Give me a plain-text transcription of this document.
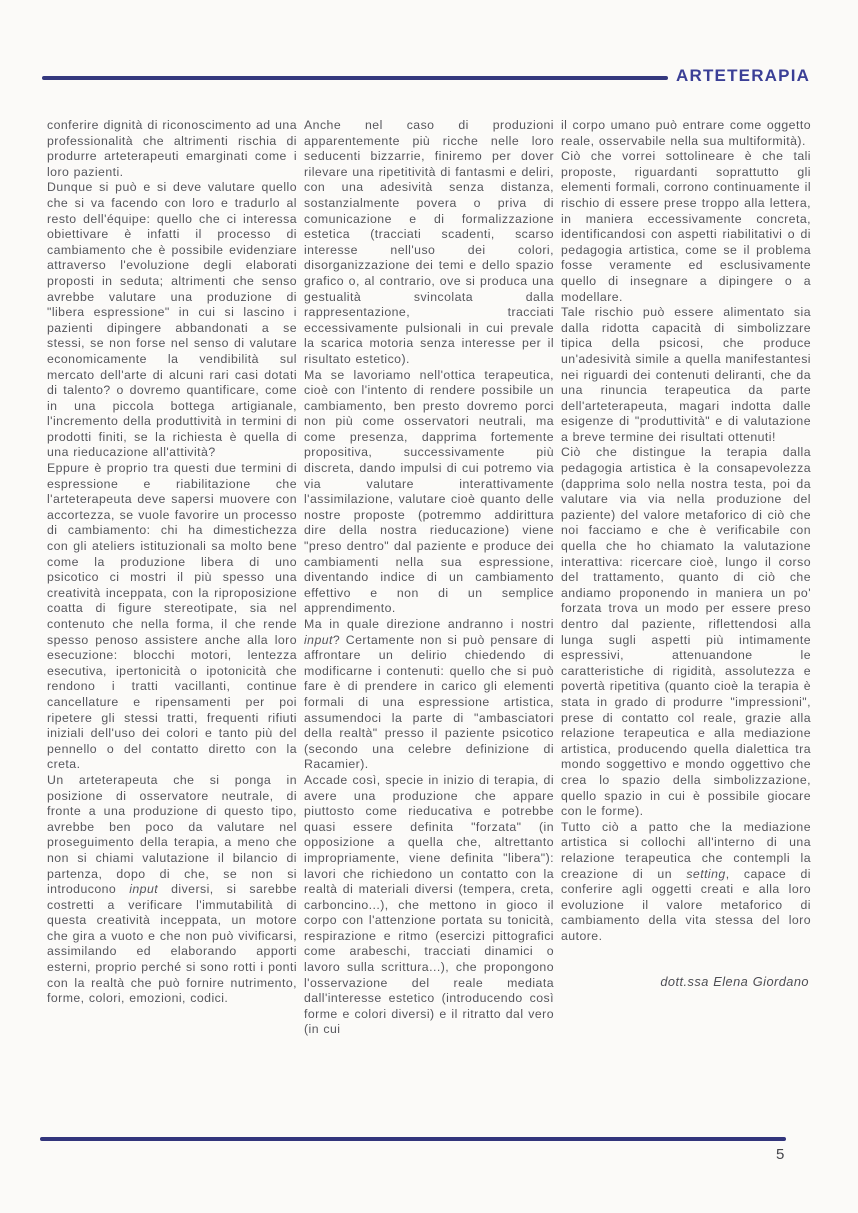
ARTETERAPIA

conferire dignità di riconoscimento ad una professionalità che altrimenti rischia di produrre arteterapeuti emarginati come i loro pazienti.

Dunque si può e si deve valutare quello che si va facendo con loro e tradurlo al resto dell'équipe: quello che ci interessa obiettivare è infatti il processo di cambiamento che è possibile evidenziare attraverso l'evoluzione degli elaborati proposti in seduta; altrimenti che senso avrebbe valutare una produzione di "libera espressione" in cui si lascino i pazienti dipingere abbandonati a se stessi, se non forse nel senso di valutare economicamente la vendibilità sul mercato dell'arte di alcuni rari casi dotati di talento? o dovremo quantificare, come in una piccola bottega artigianale, l'incremento della produttività in termini di prodotti finiti, se la richiesta è quella di una rieducazione all'attività?

Eppure è proprio tra questi due termini di espressione e riabilitazione che l'arteterapeuta deve sapersi muovere con accortezza, se vuole favorire un processo di cambiamento: chi ha dimestichezza con gli ateliers istituzionali sa molto bene come la produzione libera di uno psicotico ci mostri il più spesso una creatività inceppata, con la riproposizione coatta di figure stereotipate, sia nel contenuto che nella forma, il che rende spesso penoso assistere anche alla loro esecuzione: blocchi motori, lentezza esecutiva, ipertonicità o ipotonicità che rendono i tratti vacillanti, continue cancellature e ripensamenti per poi ripetere gli stessi tratti, frequenti rifiuti iniziali dell'uso dei colori e tanto più del pennello o del contatto diretto con la creta.

Un arteterapeuta che si ponga in posizione di osservatore neutrale, di fronte a una produzione di questo tipo, avrebbe ben poco da valutare nel proseguimento della terapia, a meno che non si chiami valutazione il bilancio di partenza, dopo di che, se non si introducono input diversi, si sarebbe costretti a verificare l'immutabilità di questa creatività inceppata, un motore che gira a vuoto e che non può vivificarsi, assimilando ed elaborando apporti esterni, proprio perché si sono rotti i ponti con la realtà che può fornire nutrimento, forme, colori, emozioni, codici.

Anche nel caso di produzioni apparentemente più ricche nelle loro seducenti bizzarrie, finiremo per dover rilevare una ripetitività di fantasmi e deliri, con una adesività senza distanza, sostanzialmente povera o priva di comunicazione e di formalizzazione estetica (tracciati scadenti, scarso interesse nell'uso dei colori, disorganizzazione dei temi e dello spazio grafico o, al contrario, ove si produca una gestualità svincolata dalla rappresentazione, tracciati eccessivamente pulsionali in cui prevale la scarica motoria senza interesse per il risultato estetico).

Ma se lavoriamo nell'ottica terapeutica, cioè con l'intento di rendere possibile un cambiamento, ben presto dovremo porci non più come osservatori neutrali, ma come presenza, dapprima fortemente propositiva, successivamente più discreta, dando impulsi di cui potremo via via valutare interattivamente l'assimilazione, valutare cioè quanto delle nostre proposte (potremmo addirittura dire della nostra rieducazione) viene "preso dentro" dal paziente e produce dei cambiamenti nella sua espressione, diventando indice di un cambiamento effettivo e non di un semplice apprendimento.

Ma in quale direzione andranno i nostri input? Certamente non si può pensare di affrontare un delirio chiedendo di modificarne i contenuti: quello che si può fare è di prendere in carico gli elementi formali di una espressione artistica, assumendoci la parte di "ambasciatori della realtà" presso il paziente psicotico (secondo una celebre definizione di Racamier).

Accade così, specie in inizio di terapia, di avere una produzione che appare piuttosto come rieducativa e potrebbe quasi essere definita "forzata" (in opposizione a quella che, altrettanto impropriamente, viene definita "libera"): lavori che richiedono un contatto con la realtà di materiali diversi (tempera, creta, carboncino...), che mettono in gioco il corpo con l'attenzione portata su tonicità, respirazione e ritmo (esercizi pittografici come arabeschi, tracciati dinamici o lavoro sulla scrittura...), che propongono l'osservazione del reale mediata dall'interesse estetico (introducendo così forme e colori diversi) e il ritratto dal vero (in cui

il corpo umano può entrare come oggetto reale, osservabile nella sua multiformità).

Ciò che vorrei sottolineare è che tali proposte, riguardanti soprattutto gli elementi formali, corrono continuamente il rischio di essere prese troppo alla lettera, in maniera eccessivamente concreta, identificandosi con aspetti riabilitativi o di pedagogia artistica, come se il problema fosse veramente ed esclusivamente quello di insegnare a dipingere o a modellare.

Tale rischio può essere alimentato sia dalla ridotta capacità di simbolizzare tipica della psicosi, che produce un'adesività simile a quella manifestantesi nei riguardi dei contenuti deliranti, che da una rinuncia terapeutica da parte dell'arteterapeuta, magari indotta dalle esigenze di "produttività" e di valutazione a breve termine dei risultati ottenuti!

Ciò che distingue la terapia dalla pedagogia artistica è la consapevolezza (dapprima solo nella nostra testa, poi da valutare via via nella produzione del paziente) del valore metaforico di ciò che noi facciamo e che è verificabile con quella che ho chiamato la valutazione interattiva: ricercare cioè, lungo il corso del trattamento, quanto di ciò che andiamo proponendo in maniera un po' forzata trova un modo per essere preso dentro dal paziente, riflettendosi alla lunga sugli aspetti più intimamente espressivi, attenuandone le caratteristiche di rigidità, assolutezza e povertà ripetitiva (quanto cioè la terapia è stata in grado di produrre "impressioni", prese di contatto col reale, grazie alla relazione terapeutica e alla mediazione artistica, producendo quella dialettica tra mondo soggettivo e mondo oggettivo che crea lo spazio della simbolizzazione, quello spazio in cui è possibile giocare con le forme).

Tutto ciò a patto che la mediazione artistica si collochi all'interno di una relazione terapeutica che contempli la creazione di un setting, capace di conferire agli oggetti creati e alla loro evoluzione il valore metaforico di cambiamento della vita stessa del loro autore.

dott.ssa Elena Giordano

5
